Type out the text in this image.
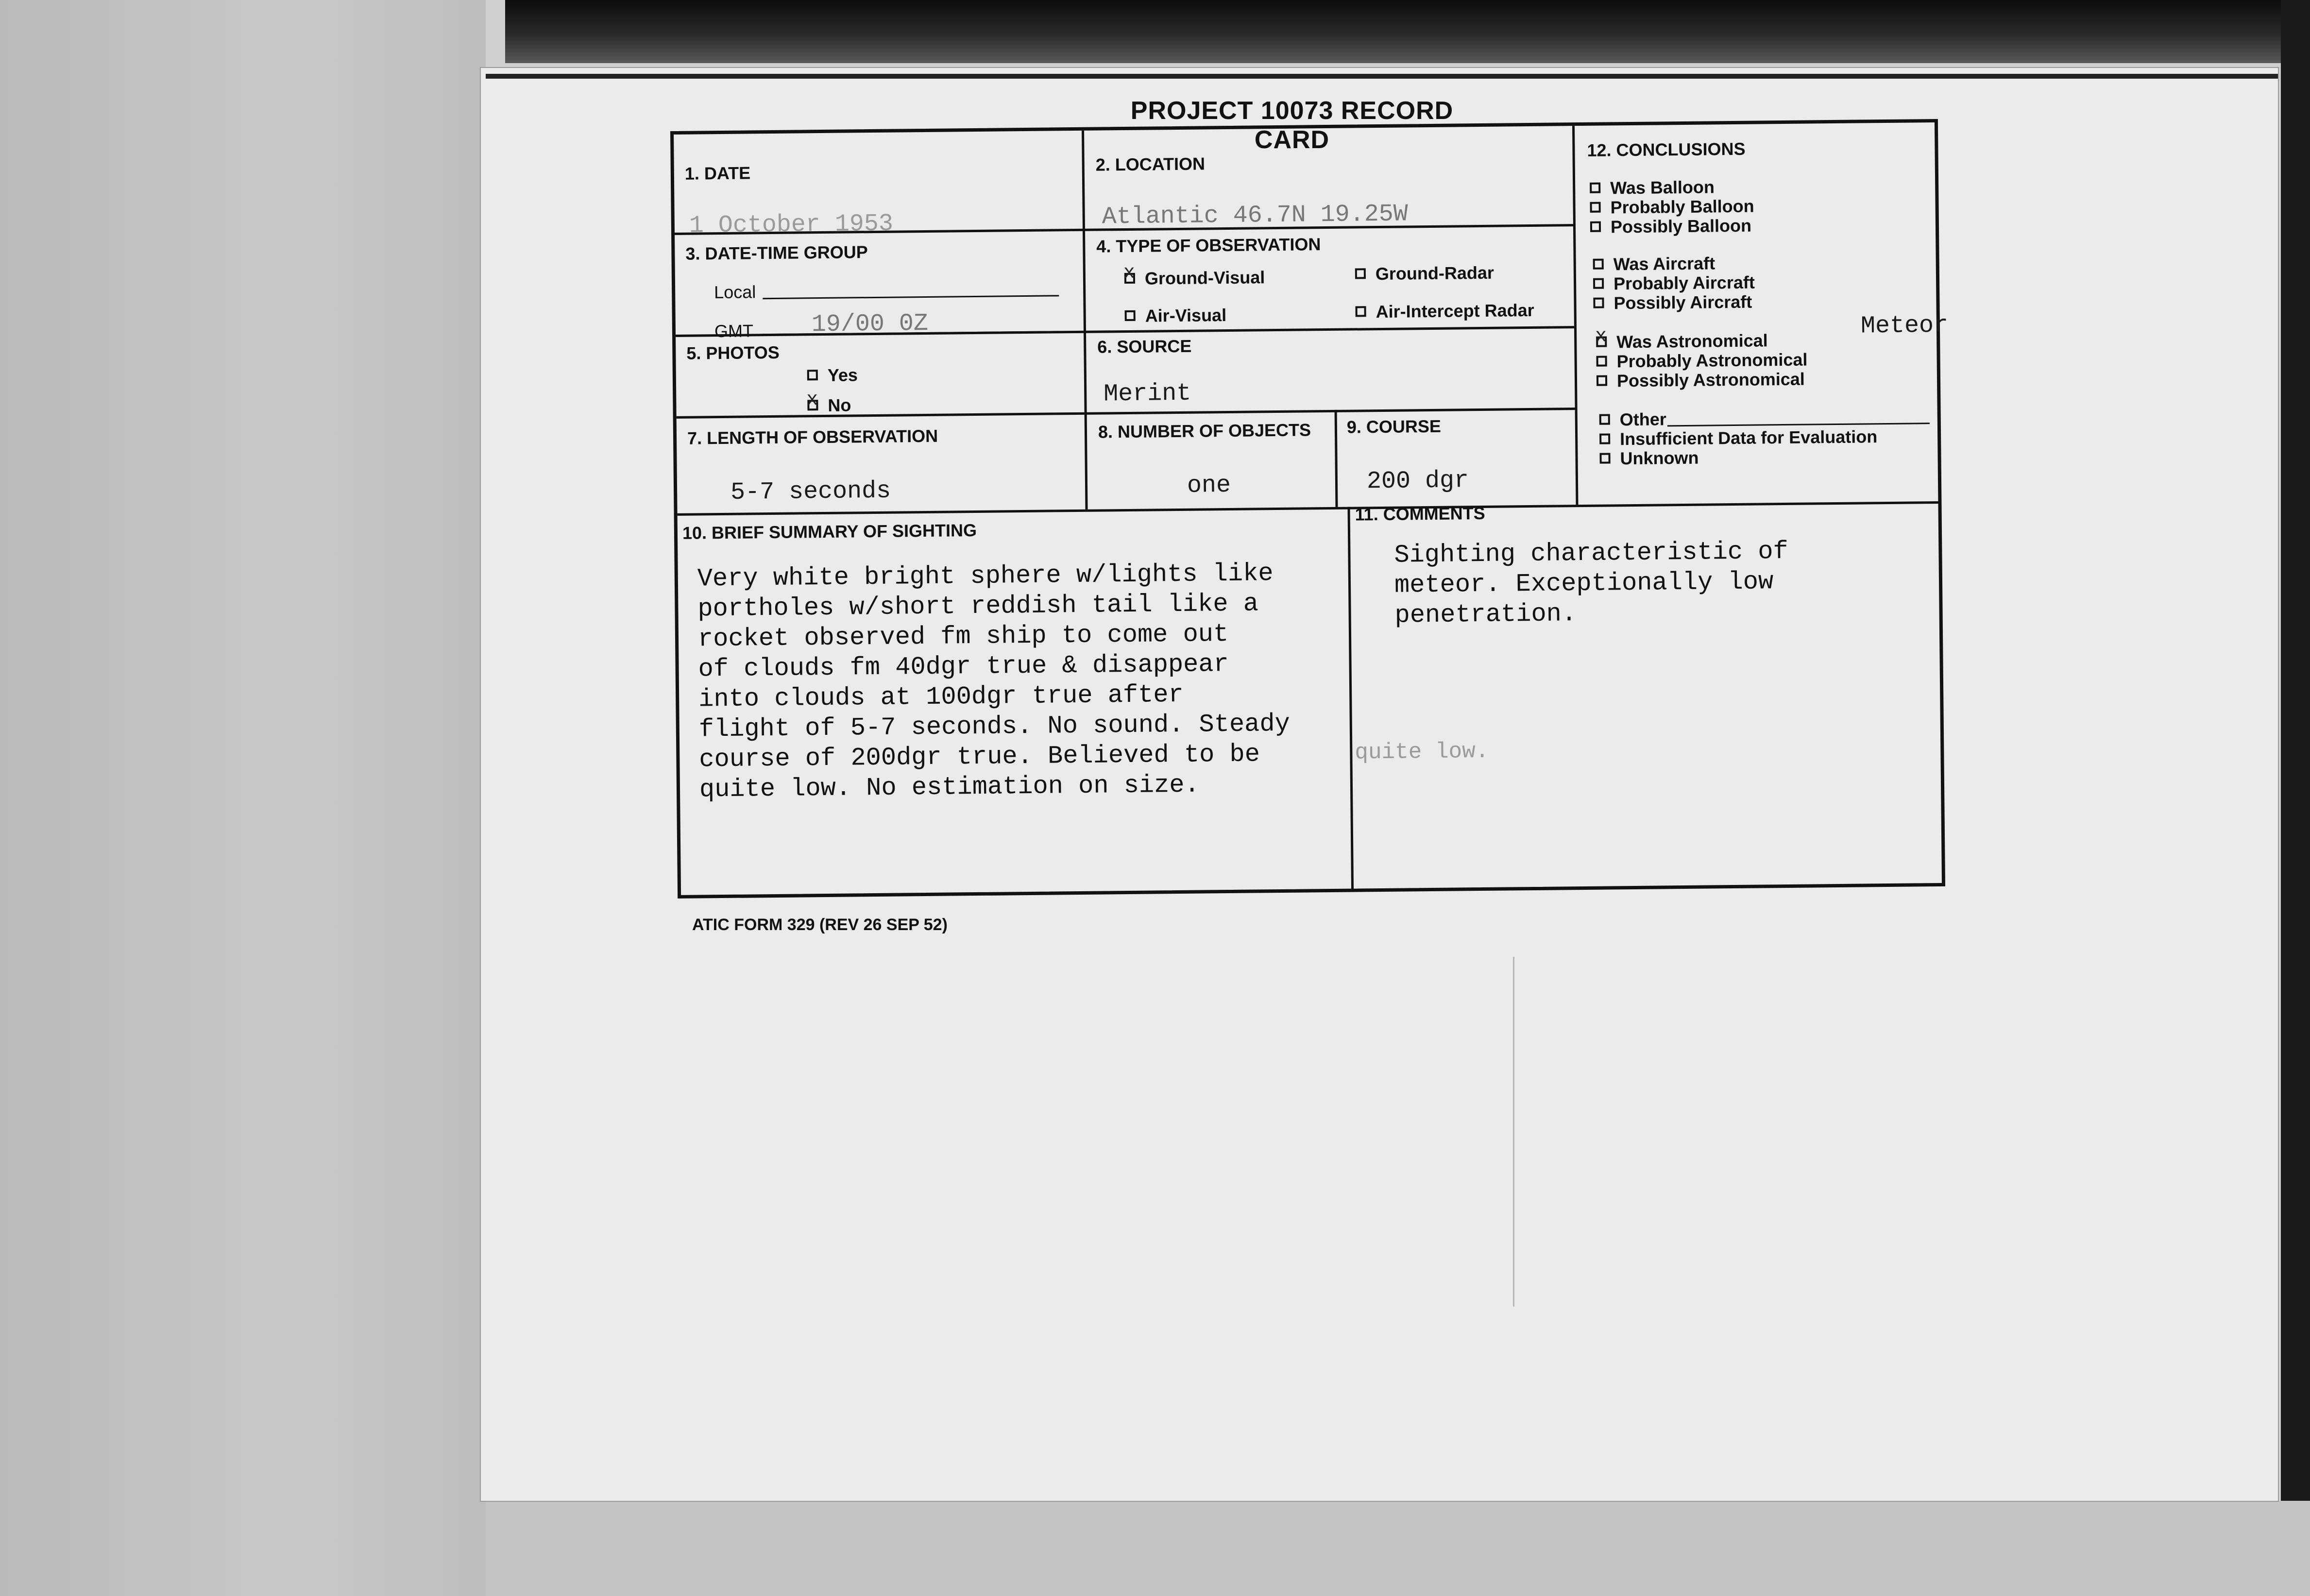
PROJECT 10073 RECORD CARD
1. DATE
1 October 1953
2. LOCATION
Atlantic 46.7N 19.25W
3. DATE-TIME GROUP
Local
GMT 19/00 0Z
4. TYPE OF OBSERVATION
xGround-Visual	Ground-Radar
Air-Visual	Air-Intercept Radar
5. PHOTOS
Yes
xNo
6. SOURCE
Merint
7. LENGTH OF OBSERVATION
5-7 seconds
8. NUMBER OF OBJECTS
one
9. COURSE
200 dgr
12. CONCLUSIONS
Meteor
Was Balloon
Probably Balloon
Possibly Balloon
Was Aircraft
Probably Aircraft
Possibly Aircraft
xWas Astronomical
Probably Astronomical
Possibly Astronomical
Other
Insufficient Data for Evaluation
Unknown
10. BRIEF SUMMARY OF SIGHTING
Very white bright sphere w/lights like
portholes w/short reddish tail like a
rocket observed fm ship to come out
of clouds fm 40dgr true & disappear
into clouds at 100dgr true after
flight of 5-7 seconds. No sound. Steady
course of 200dgr true. Believed to be
quite low. No estimation on size.
quite low.
11. COMMENTS
Sighting characteristic of
meteor. Exceptionally low
penetration.
ATIC FORM 329 (REV 26 SEP 52)
